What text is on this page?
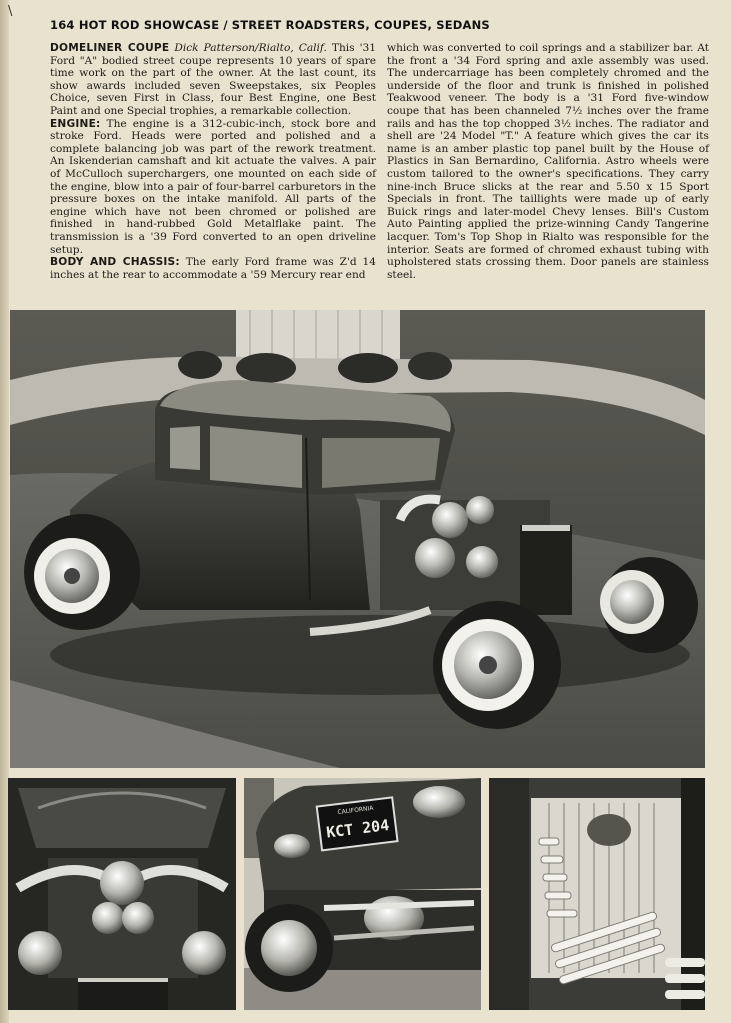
\
164 HOT ROD SHOWCASE / STREET ROADSTERS, COUPES, SEDANS
DOMELINER COUPE Dick Patterson/Rialto, Calif. This '31 Ford "A" bodied street coupe represents 10 years of spare time work on the part of the owner. At the last count, its show awards included seven Sweepstakes, six Peoples Choice, seven First in Class, four Best Engine, one Best Paint and one Special trophies, a remarkable collection.
ENGINE: The engine is a 312-cubic-inch, stock bore and stroke Ford. Heads were ported and polished and a complete balancing job was part of the rework treatment. An Iskenderian camshaft and kit actuate the valves. A pair of McCulloch superchargers, one mounted on each side of the engine, blow into a pair of four-barrel carburetors in the pressure boxes on the intake manifold. All parts of the engine which have not been chromed or polished are finished in hand-rubbed Gold Metalflake paint. The transmission is a '39 Ford converted to an open driveline setup.
BODY AND CHASSIS: The early Ford frame was Z'd 14 inches at the rear to accommodate a '59 Mercury rear end
which was converted to coil springs and a stabilizer bar. At the front a '34 Ford spring and axle assembly was used. The undercarriage has been completely chromed and the underside of the floor and trunk is finished in polished Teakwood veneer. The body is a '31 Ford five-window coupe that has been channeled 7½ inches over the frame rails and has the top chopped 3½ inches. The radiator and shell are '24 Model "T." A feature which gives the car its name is an amber plastic top panel built by the House of Plastics in San Bernardino, California. Astro wheels were custom tailored to the owner's specifications. They carry nine-inch Bruce slicks at the rear and 5.50 x 15 Sport Specials in front. The taillights were made up of early Buick rings and later-model Chevy lenses. Bill's Custom Auto Painting applied the prize-winning Candy Tangerine lacquer. Tom's Top Shop in Rialto was responsible for the interior. Seats are formed of chromed exhaust tubing with upholstered stats crossing them. Door panels are stainless steel.
CALIFORNIA
KCT 204
